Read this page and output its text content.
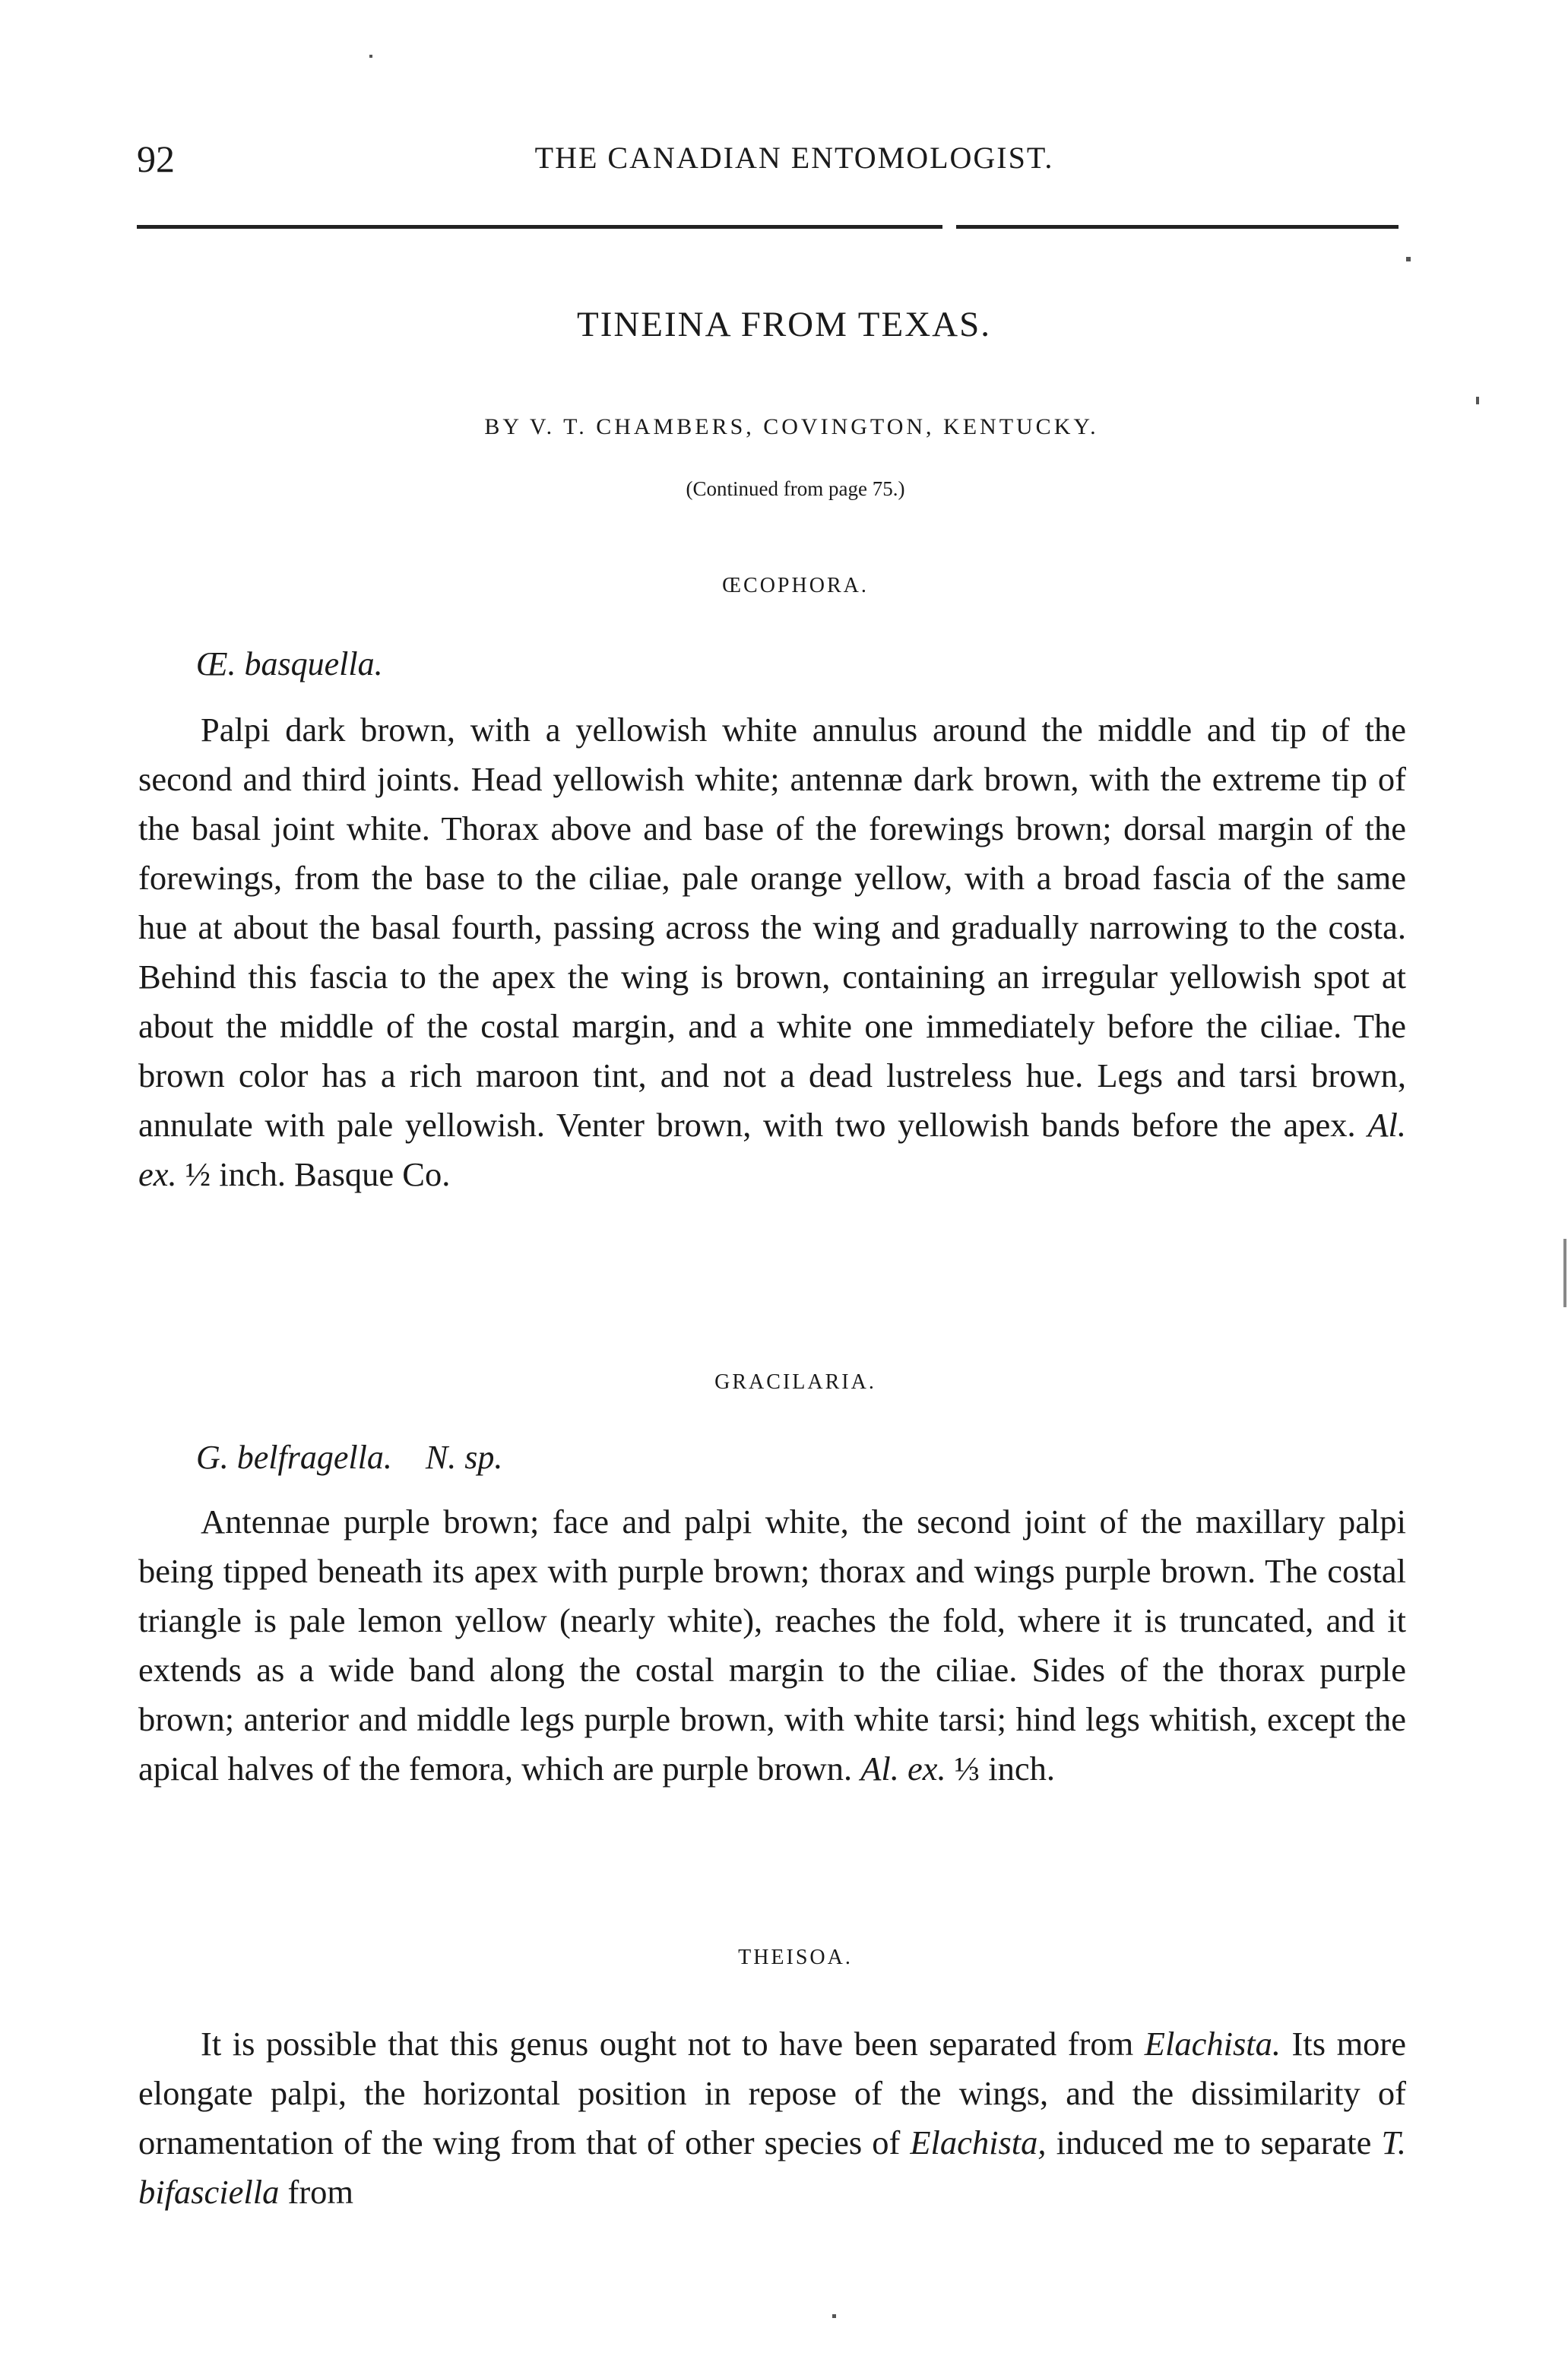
92	THE CANADIAN ENTOMOLOGIST.
TINEINA FROM TEXAS.
BY V. T. CHAMBERS, COVINGTON, KENTUCKY.
(Continued from page 75.)
ŒCOPHORA.
Œ. basquella.

Palpi dark brown, with a yellowish white annulus around the middle and tip of the second and third joints. Head yellowish white; antennæ dark brown, with the extreme tip of the basal joint white. Thorax above and base of the forewings brown; dorsal margin of the forewings, from the base to the ciliae, pale orange yellow, with a broad fascia of the same hue at about the basal fourth, passing across the wing and gradually narrowing to the costa. Behind this fascia to the apex the wing is brown, containing an irregular yellowish spot at about the middle of the costal margin, and a white one immediately before the ciliae. The brown color has a rich maroon tint, and not a dead lustreless hue. Legs and tarsi brown, annulate with pale yellowish. Venter brown, with two yellowish bands before the apex. Al. ex. ½ inch. Basque Co.

GRACILARIA.
G. belfragella.    N. sp.

Antennae purple brown; face and palpi white, the second joint of the maxillary palpi being tipped beneath its apex with purple brown; thorax and wings purple brown. The costal triangle is pale lemon yellow (nearly white), reaches the fold, where it is truncated, and it extends as a wide band along the costal margin to the ciliae. Sides of the thorax purple brown; anterior and middle legs purple brown, with white tarsi; hind legs whitish, except the apical halves of the femora, which are purple brown. Al. ex. ⅓ inch.

THEISOA.

It is possible that this genus ought not to have been separated from Elachista. Its more elongate palpi, the horizontal position in repose of the wings, and the dissimilarity of ornamentation of the wing from that of other species of Elachista, induced me to separate T. bifasciella from
